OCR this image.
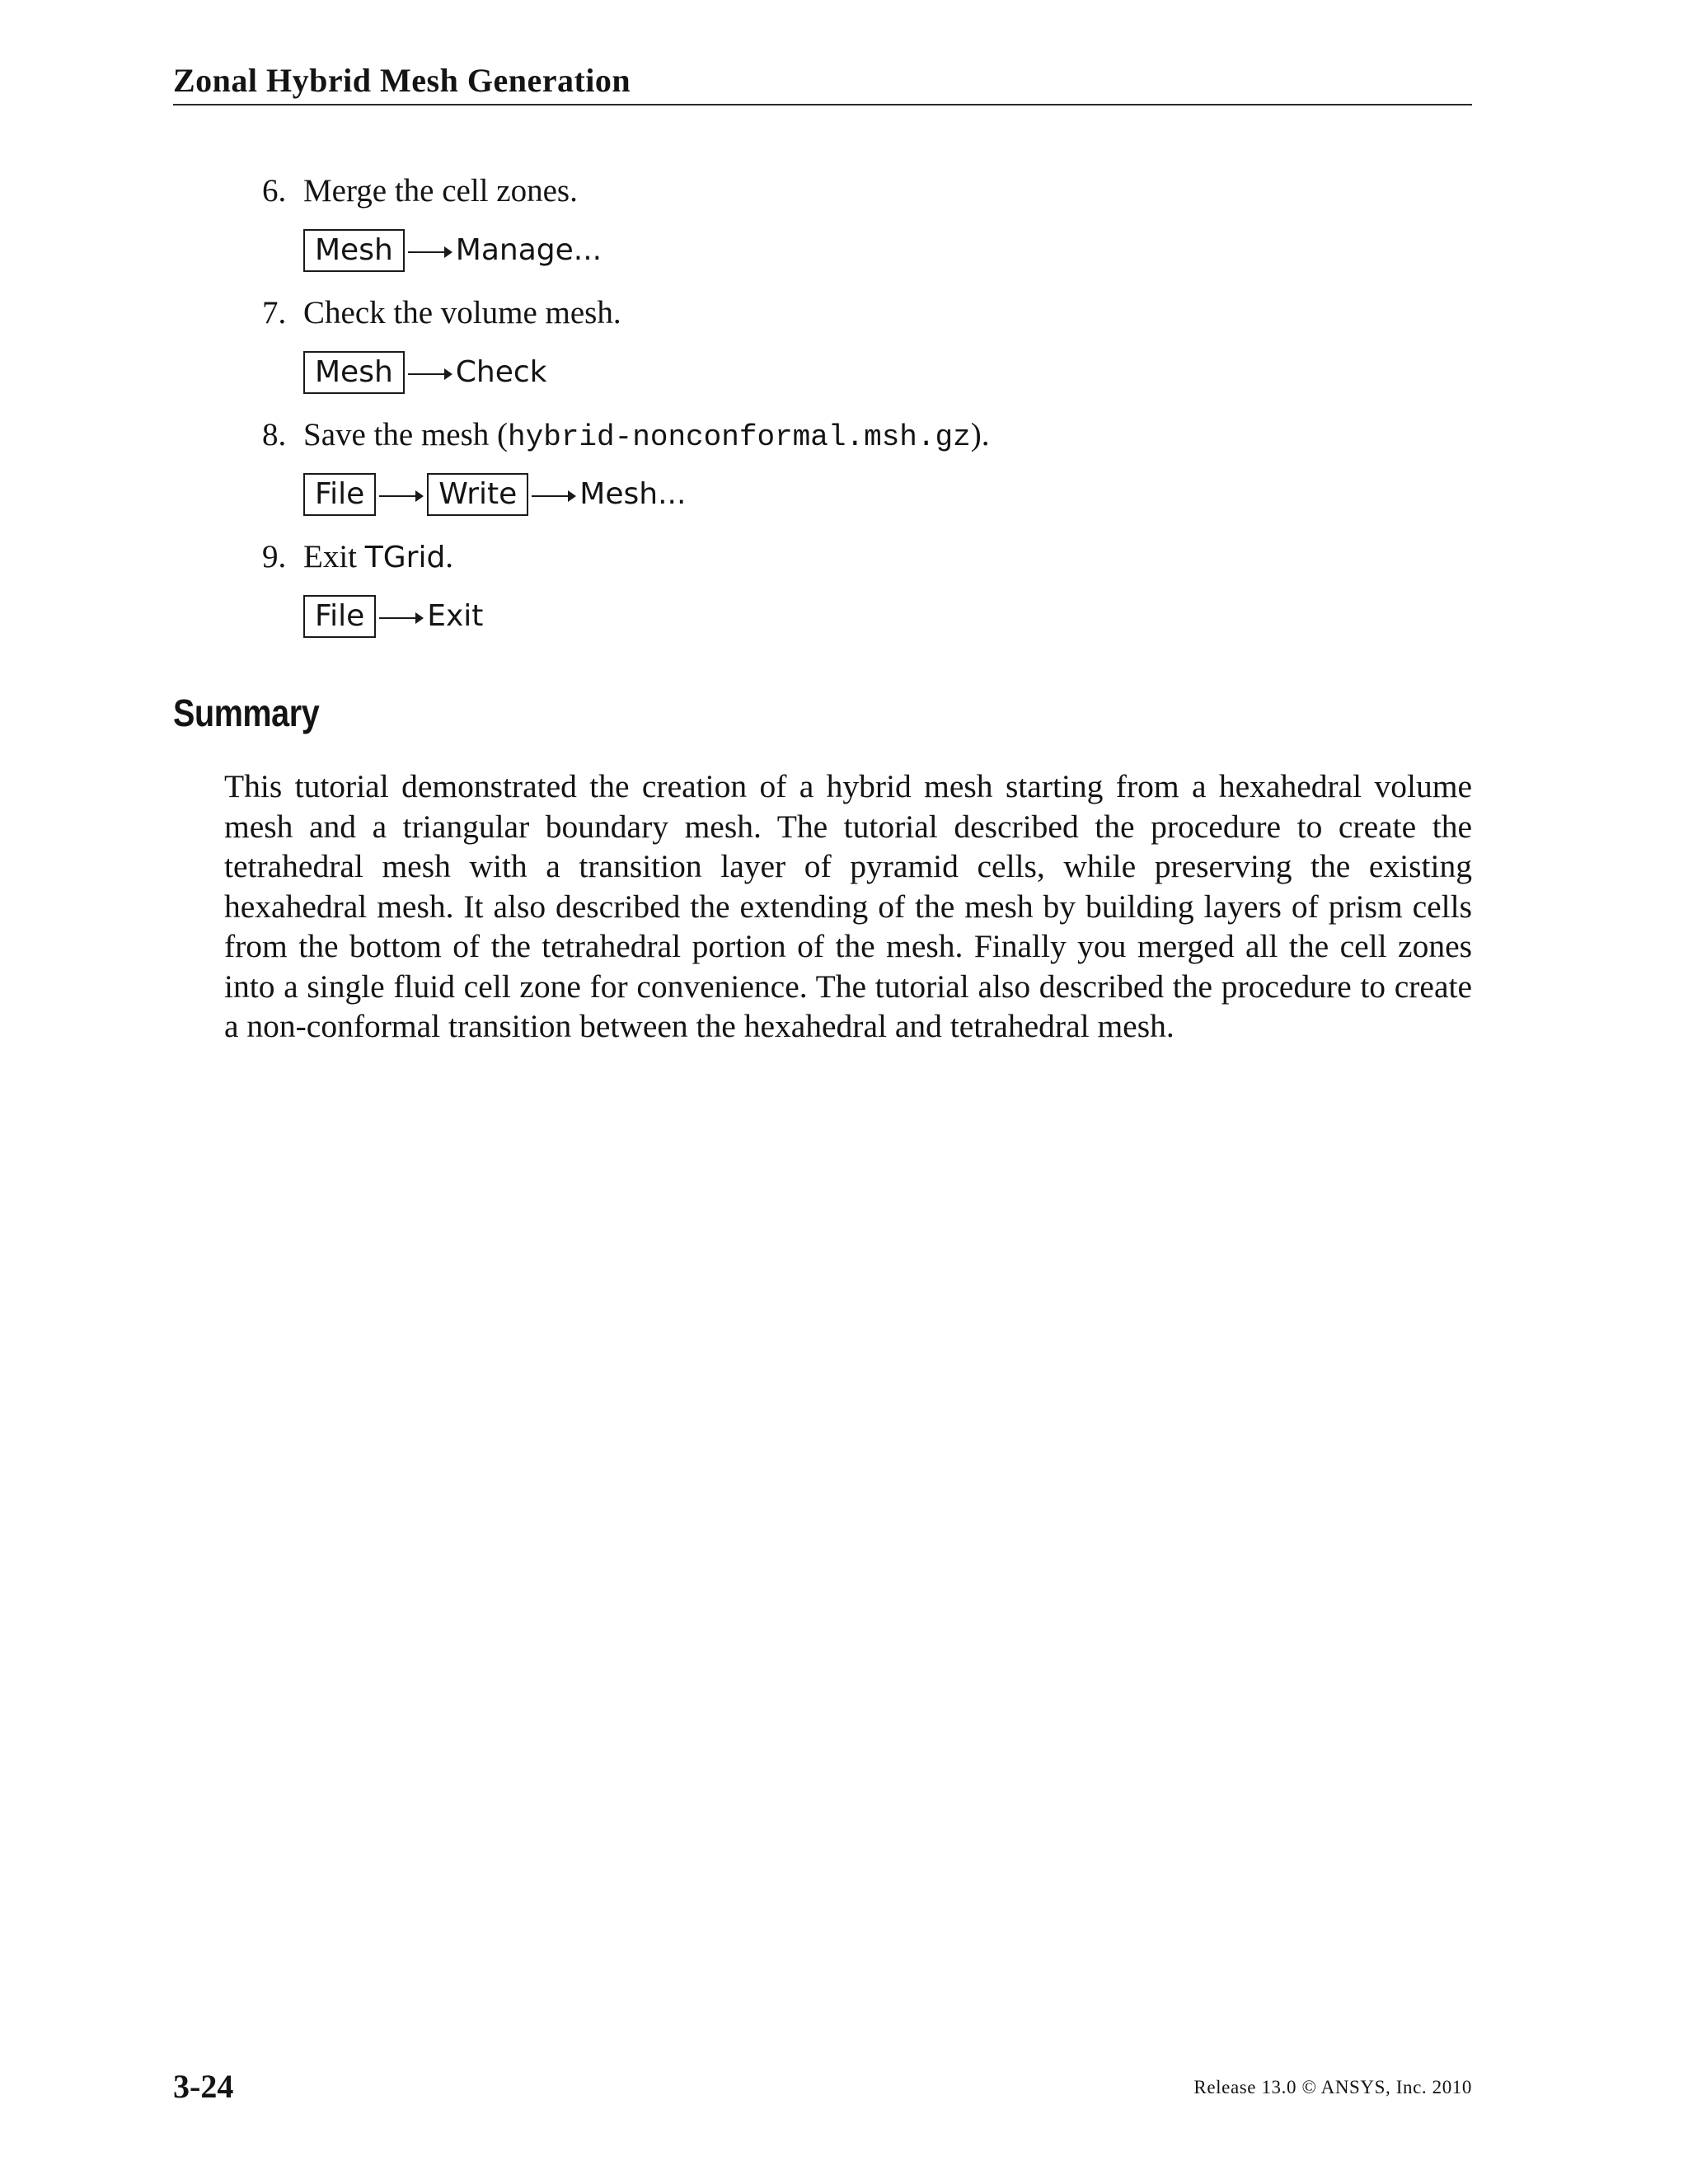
Zonal Hybrid Mesh Generation
6. Merge the cell zones.
Mesh	Manage...
7. Check the volume mesh.
Mesh	Check
8. Save the mesh (hybrid-nonconformal.msh.gz).
File	Write	Mesh...
9. Exit TGrid.
File	Exit
Summary
This tutorial demonstrated the creation of a hybrid mesh starting from a hexahedral volume mesh and a triangular boundary mesh. The tutorial described the procedure to create the tetrahedral mesh with a transition layer of pyramid cells, while preserving the existing hexahedral mesh. It also described the extending of the mesh by building layers of prism cells from the bottom of the tetrahedral portion of the mesh. Finally you merged all the cell zones into a single fluid cell zone for convenience. The tutorial also described the procedure to create a non-conformal transition between the hexahedral and tetrahedral mesh.
3-24	Release 13.0 © ANSYS, Inc. 2010
